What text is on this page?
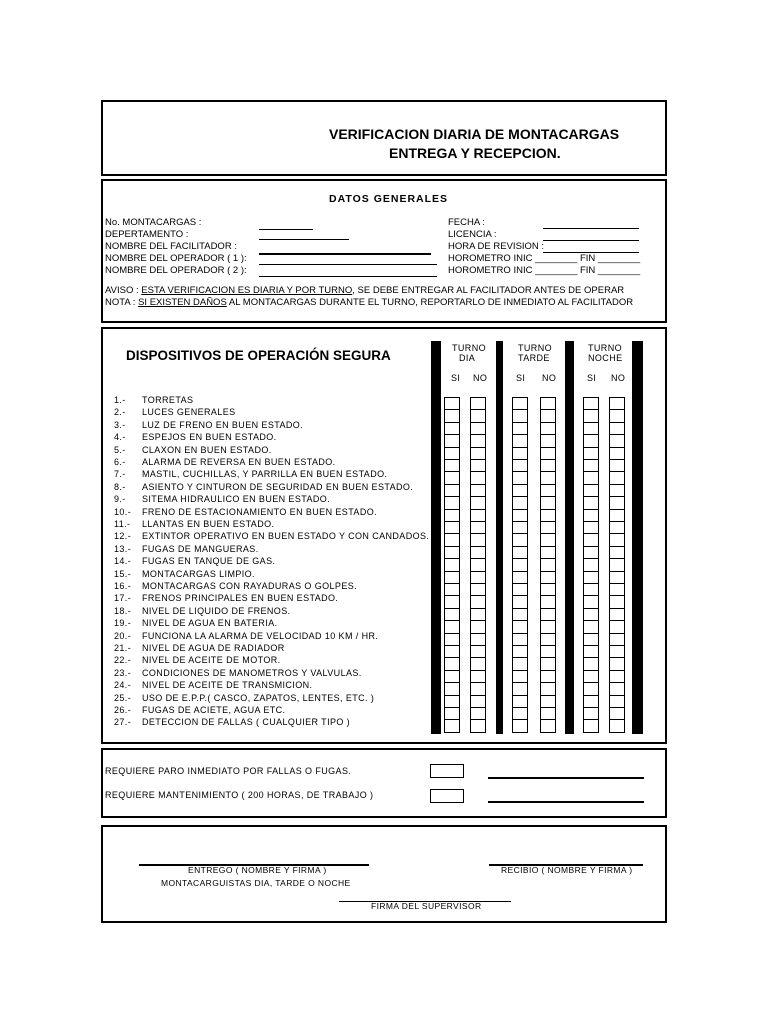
VERIFICACION DIARIA DE MONTACARGAS
ENTREGA Y RECEPCION.
DATOS GENERALES
No. MONTACARGAS :
DEPERTAMENTO :
NOMBRE DEL FACILITADOR :
NOMBRE DEL OPERADOR ( 1 ):
NOMBRE DEL OPERADOR ( 2 ):
FECHA :
LICENCIA :
HORA DE REVISION :
HOROMETRO INIC ________ FIN ________
HOROMETRO INIC ________ FIN ________
AVISO : ESTA VERIFICACION ES DIARIA Y POR TURNO, SE DEBE ENTREGAR AL FACILITADOR ANTES DE OPERAR
NOTA : SI EXISTEN DAÑOS AL MONTACARGAS DURANTE EL TURNO, REPORTARLO DE INMEDIATO AL FACILITADOR
DISPOSITIVOS DE OPERACIÓN SEGURA	TURNO
DIA
TURNO
TARDE
TURNO
NOCHE
SI NO	SI NO	SI NO
1.- TORRETAS
2.- LUCES GENERALES
3.- LUZ DE FRENO EN BUEN ESTADO.
4.- ESPEJOS EN BUEN ESTADO.
5.- CLAXON EN BUEN ESTADO.
6.- ALARMA DE REVERSA EN BUEN ESTADO.
7.- MASTIL, CUCHILLAS, Y PARRILLA EN BUEN ESTADO.
8.- ASIENTO Y CINTURON DE SEGURIDAD EN BUEN ESTADO.
9.- SITEMA HIDRAULICO EN BUEN ESTADO.
10.- FRENO DE ESTACIONAMIENTO EN BUEN ESTADO.
11.- LLANTAS EN BUEN ESTADO.
12.- EXTINTOR OPERATIVO EN BUEN ESTADO Y CON CANDADOS.
13.- FUGAS DE MANGUERAS.
14.- FUGAS EN TANQUE DE GAS.
15.- MONTACARGAS LIMPIO.
16.- MONTACARGAS CON RAYADURAS O GOLPES.
17.- FRENOS PRINCIPALES EN BUEN ESTADO.
18.- NIVEL DE LIQUIDO DE FRENOS.
19.- NIVEL DE AGUA EN BATERIA.
20.- FUNCIONA LA ALARMA DE VELOCIDAD 10 KM / HR.
21.- NIVEL DE AGUA DE RADIADOR
22.- NIVEL DE ACEITE DE MOTOR.
23.- CONDICIONES DE MANOMETROS Y VALVULAS.
24.- NIVEL DE ACEITE DE TRANSMICION.
25.- USO DE E.P.P.( CASCO, ZAPATOS, LENTES, ETC. )
26.- FUGAS DE ACIETE, AGUA ETC.
27.- DETECCION DE FALLAS ( CUALQUIER TIPO )
REQUIERE PARO INMEDIATO POR FALLAS O FUGAS.
REQUIERE MANTENIMIENTO ( 200 HORAS, DE TRABAJO )
ENTREGO ( NOMBRE Y FIRMA )
MONTACARGUISTAS DIA, TARDE O NOCHE
RECIBIO ( NOMBRE Y FIRMA )
FIRMA DEL SUPERVISOR
